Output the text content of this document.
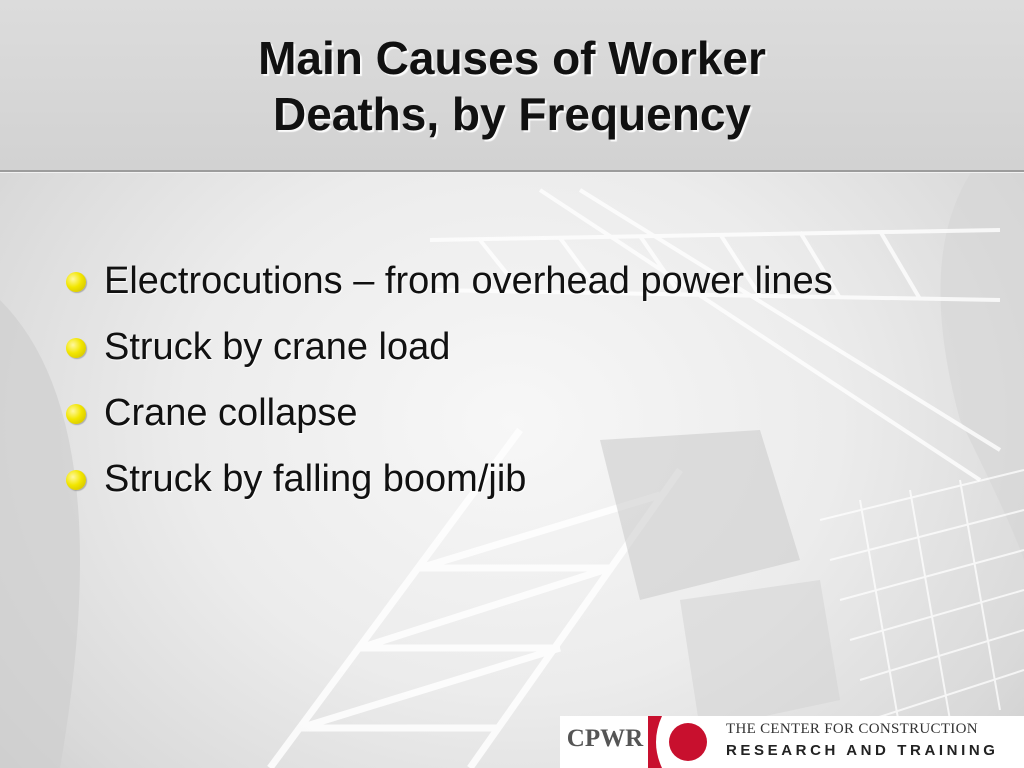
Main Causes of Worker
Deaths, by Frequency
Electrocutions – from overhead power lines
Struck by crane load
Crane collapse
Struck by falling boom/jib
CPWR	THE CENTER FOR CONSTRUCTION
RESEARCH AND TRAINING
